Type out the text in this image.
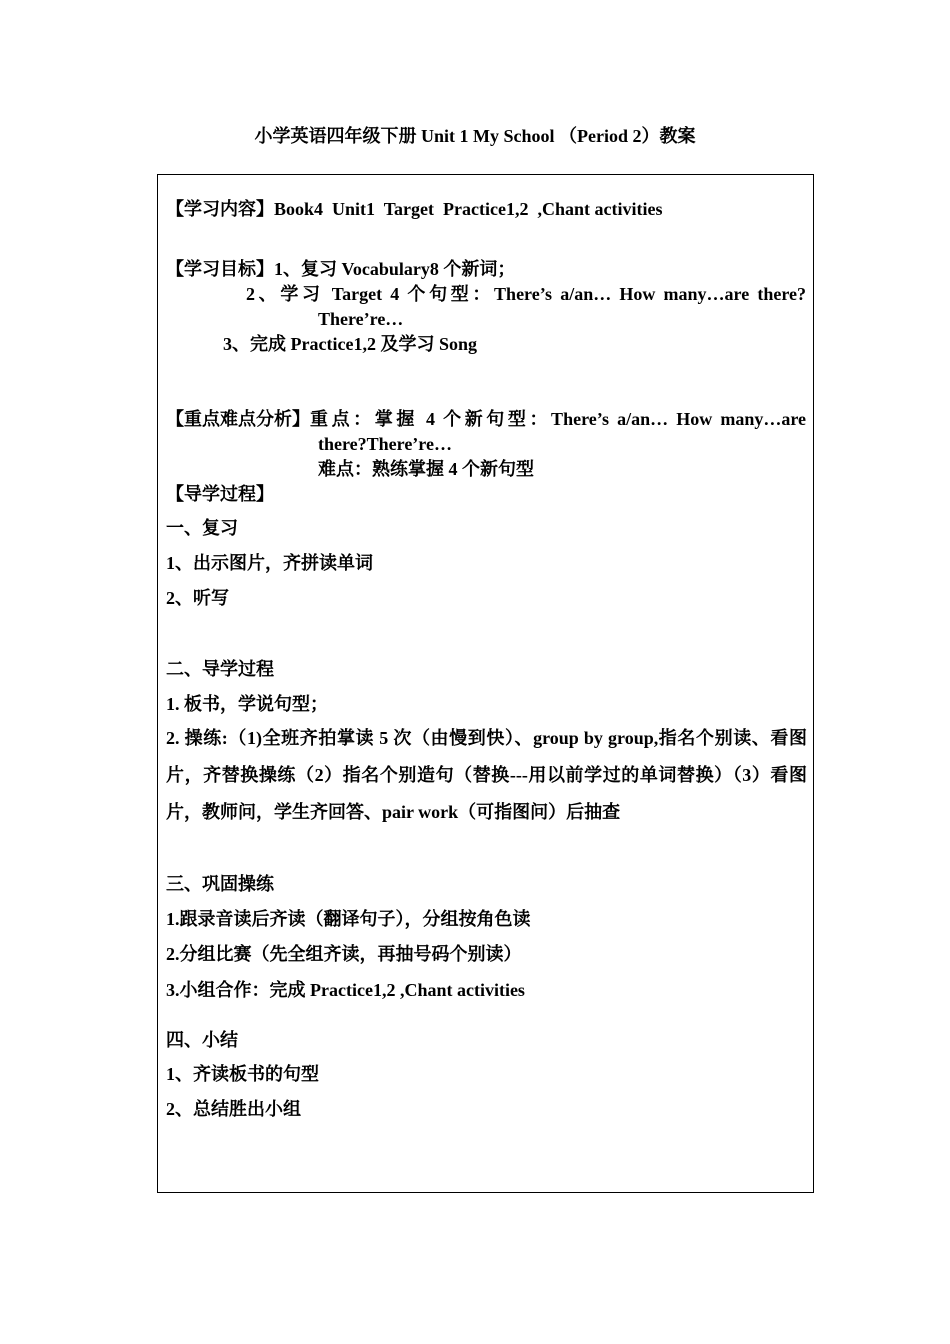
小学英语四年级下册 Unit 1 My School （Period 2）教案
【学习内容】Book4  Unit1  Target  Practice1,2  ,Chant activities
【学习目标】1、复习 Vocabulary8 个新词；
2、学习 Target 4 个句型：There’s a/an… How many…are there?
There’re…
3、完成 Practice1,2 及学习 Song
【重点难点分析】 重点：掌握 4 个新句型：There’s a/an… How many…are
there?There’re…
难点：熟练掌握 4 个新句型
【导学过程】
一、复习
1、出示图片，齐拼读单词
2、听写
二、导学过程
1. 板书，学说句型；

2. 操练:（1)全班齐拍掌读 5 次（由慢到快）、group by group,指名个别读、看图片，齐替换操练（2）指名个别造句（替换---用以前学过的单词替换）（3）看图片，教师问，学生齐回答、pair work（可指图问）后抽查

三、巩固操练
1.跟录音读后齐读（翻译句子），分组按角色读
2.分组比赛（先全组齐读，再抽号码个别读）
3.小组合作：完成 Practice1,2 ,Chant activities
四、小结
1、齐读板书的句型
2、总结胜出小组
